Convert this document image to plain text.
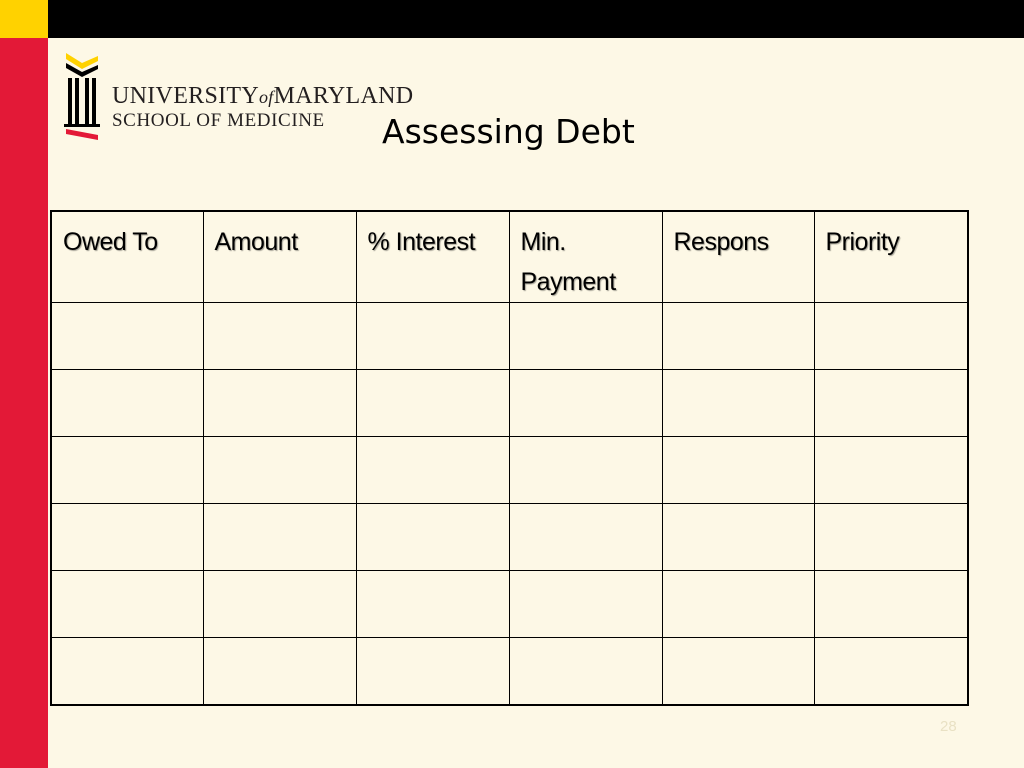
UNIVERSITYofMARYLAND
SCHOOL OF MEDICINE Assessing Debt
Owed To	Amount	% Interest	Min. Payment	Respons	Priority

28
